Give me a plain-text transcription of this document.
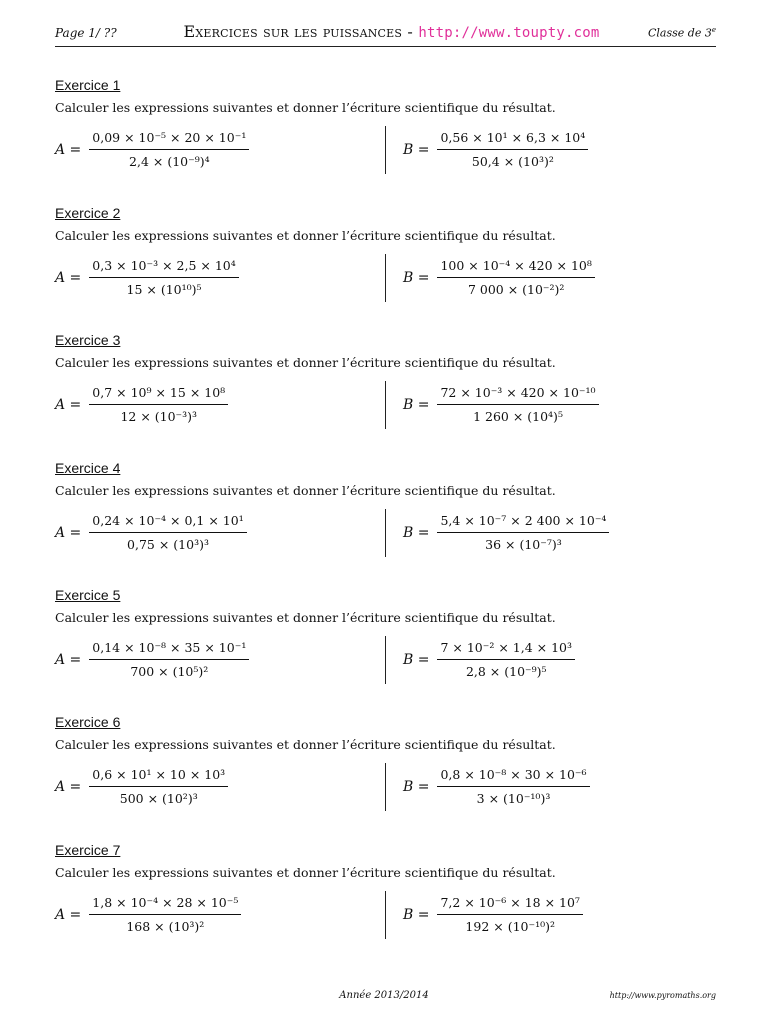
Page 1/ ??	Exercices sur les puissances - http://www.toupty.com	Classe de 3e

Exercice 1

Calculer les expressions suivantes et donner l’écriture scientifique du résultat.

$A = \frac{\text{0,09 × 10⁻⁵ × 20 × 10⁻¹}}{\text{2,4 × (10⁻⁹)⁴}}$	$B = \frac{\text{0,56 × 10¹ × 6,3 × 10⁴}}{\text{50,4 × (10³)²}}$

Exercice 2

Calculer les expressions suivantes et donner l’écriture scientifique du résultat.

$A = \frac{\text{0,3 × 10⁻³ × 2,5 × 10⁴}}{\text{15 × (10¹⁰)⁵}}$	$B = \frac{\text{100 × 10⁻⁴ × 420 × 10⁸}}{\text{7 000 × (10⁻²)²}}$

Exercice 3

Calculer les expressions suivantes et donner l’écriture scientifique du résultat.

$A = \frac{\text{0,7 × 10⁹ × 15 × 10⁸}}{\text{12 × (10⁻³)³}}$	$B = \frac{\text{72 × 10⁻³ × 420 × 10⁻¹⁰}}{\text{1 260 × (10⁴)⁵}}$

Exercice 4

Calculer les expressions suivantes et donner l’écriture scientifique du résultat.

$A = \frac{\text{0,24 × 10⁻⁴ × 0,1 × 10¹}}{\text{0,75 × (10³)³}}$	$B = \frac{\text{5,4 × 10⁻⁷ × 2 400 × 10⁻⁴}}{\text{36 × (10⁻⁷)³}}$

Exercice 5

Calculer les expressions suivantes et donner l’écriture scientifique du résultat.

$A = \frac{\text{0,14 × 10⁻⁸ × 35 × 10⁻¹}}{\text{700 × (10⁵)²}}$	$B = \frac{\text{7 × 10⁻² × 1,4 × 10³}}{\text{2,8 × (10⁻⁹)⁵}}$

Exercice 6

Calculer les expressions suivantes et donner l’écriture scientifique du résultat.

$A = \frac{\text{0,6 × 10¹ × 10 × 10³}}{\text{500 × (10²)³}}$	$B = \frac{\text{0,8 × 10⁻⁸ × 30 × 10⁻⁶}}{\text{3 × (10⁻¹⁰)³}}$

Exercice 7

Calculer les expressions suivantes et donner l’écriture scientifique du résultat.

$A = \frac{\text{1,8 × 10⁻⁴ × 28 × 10⁻⁵}}{\text{168 × (10³)²}}$	$B = \frac{\text{7,2 × 10⁻⁶ × 18 × 10⁷}}{\text{192 × (10⁻¹⁰)²}}$
Année 2013/2014	http://www.pyromaths.org
